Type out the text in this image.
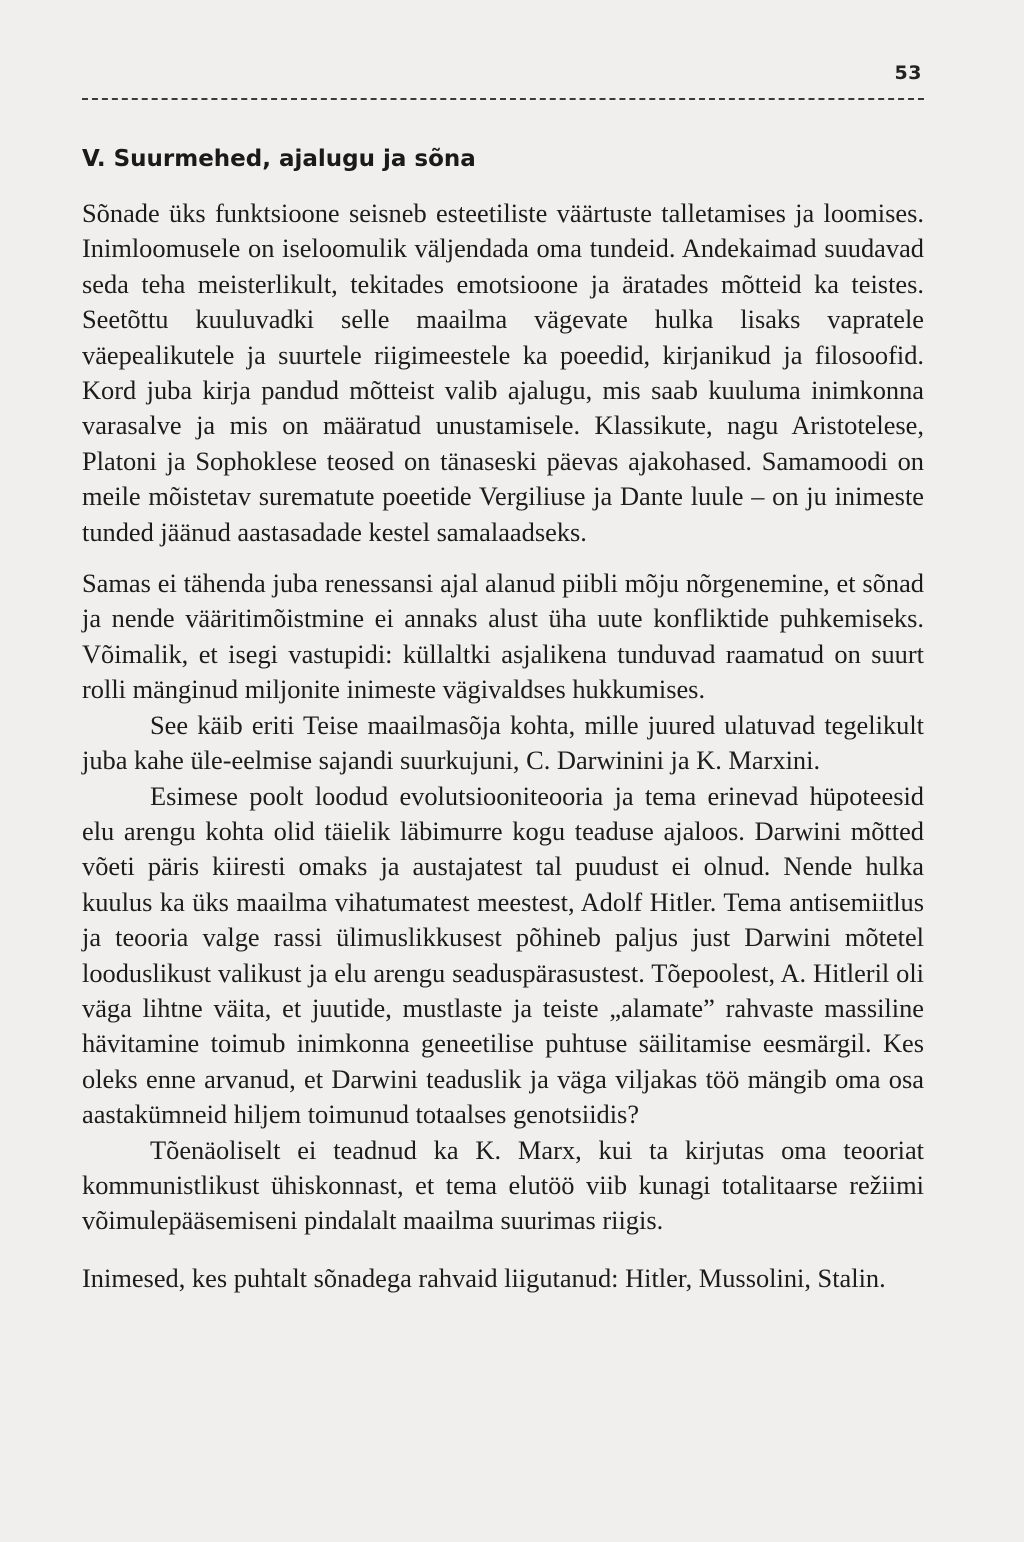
53
V. Suurmehed, ajalugu ja sõna

Sõnade üks funktsioone seisneb esteetiliste väärtuste talletamises ja loomises. Inimloomusele on iseloomulik väljendada oma tundeid. Andekaimad suudavad seda teha meisterlikult, tekitades emotsioone ja äratades mõtteid ka teistes. Seetõttu kuuluvadki selle maailma vägevate hulka lisaks vapratele väepealikutele ja suurtele riigimeestele ka poeedid, kirjanikud ja filosoofid. Kord juba kirja pandud mõtteist valib ajalugu, mis saab kuuluma inimkonna varasalve ja mis on määratud unustamisele. Klassikute, nagu Aristotelese, Platoni ja Sophoklese teosed on tänaseski päevas ajakohased. Samamoodi on meile mõistetav surematute poeetide Vergiliuse ja Dante luule – on ju inimeste tunded jäänud aastasadade kestel samalaadseks.

Samas ei tähenda juba renessansi ajal alanud piibli mõju nõrgenemine, et sõnad ja nende vääritimõistmine ei annaks alust üha uute konfliktide puhkemiseks. Võimalik, et isegi vastupidi: küllaltki asjalikena tunduvad raamatud on suurt rolli mänginud miljonite inimeste vägivaldses hukkumises.

See käib eriti Teise maailmasõja kohta, mille juured ulatuvad tegelikult juba kahe üle-eelmise sajandi suurkujuni, C. Darwinini ja K. Marxini.

Esimese poolt loodud evolutsiooniteooria ja tema erinevad hüpoteesid elu arengu kohta olid täielik läbimurre kogu teaduse ajaloos. Darwini mõtted võeti päris kiiresti omaks ja austajatest tal puudust ei olnud. Nende hulka kuulus ka üks maailma vihatumatest meestest, Adolf Hitler. Tema antisemiitlus ja teooria valge rassi ülimuslikkusest põhineb paljus just Darwini mõtetel looduslikust valikust ja elu arengu seaduspärasustest. Tõepoolest, A. Hitleril oli väga lihtne väita, et juutide, mustlaste ja teiste „alamate” rahvaste massiline hävitamine toimub inimkonna geneetilise puhtuse säilitamise eesmärgil. Kes oleks enne arvanud, et Darwini teaduslik ja väga viljakas töö mängib oma osa aastakümneid hiljem toimunud totaalses genotsiidis?

Tõenäoliselt ei teadnud ka K. Marx, kui ta kirjutas oma teooriat kommunistlikust ühiskonnast, et tema elutöö viib kunagi totalitaarse režiimi võimulepääsemiseni pindalalt maailma suurimas riigis.

Inimesed, kes puhtalt sõnadega rahvaid liigutanud: Hitler, Mussolini, Stalin.
